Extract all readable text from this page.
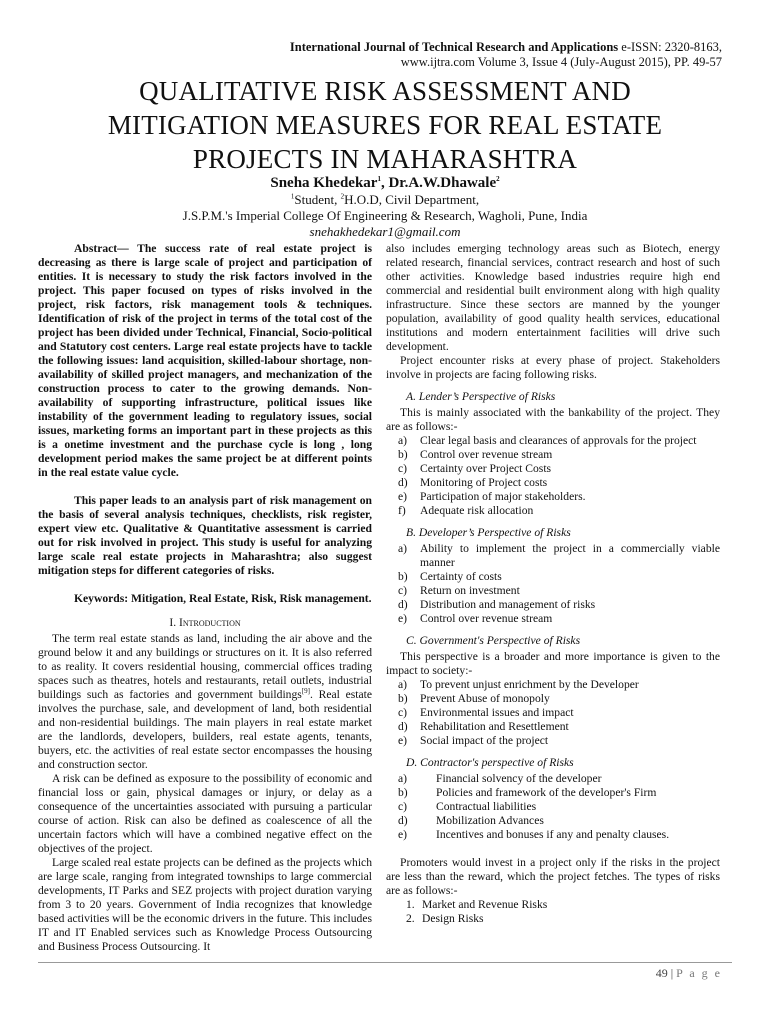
International Journal of Technical Research and Applications e-ISSN: 2320-8163,
www.ijtra.com Volume 3, Issue 4 (July-August 2015), PP. 49-57
QUALITATIVE RISK ASSESSMENT AND
MITIGATION MEASURES FOR REAL ESTATE
PROJECTS IN MAHARASHTRA
Sneha Khedekar$^1$, Dr.A.W.Dhawale$^2$
$^1$Student, $^2$H.O.D, Civil Department,
J.S.P.M.'s Imperial College Of Engineering & Research, Wagholi, Pune, India
snehakhedekar1@gmail.com

Abstract— The success rate of real estate project is decreasing as there is large scale of project and participation of entities. It is necessary to study the risk factors involved in the project. This paper focused on types of risks involved in the project, risk factors, risk management tools & techniques. Identification of risk of the project in terms of the total cost of the project has been divided under Technical, Financial, Socio-political and Statutory cost centers. Large real estate projects have to tackle the following issues: land acquisition, skilled-labour shortage, non-availability of skilled project managers, and mechanization of the construction process to cater to the growing demands. Non- availability of supporting infrastructure, political issues like instability of the government leading to regulatory issues, social issues, marketing forms an important part in these projects as this is a onetime investment and the purchase cycle is long , long development period makes the same project be at different points in the real estate value cycle.

This paper leads to an analysis part of risk management on the basis of several analysis techniques, checklists, risk register, expert view etc. Qualitative & Quantitative assessment is carried out for risk involved in project. This study is useful for analyzing large scale real estate projects in Maharashtra; also suggest mitigation steps for different categories of risks.

Keywords: Mitigation, Real Estate, Risk, Risk management.

I. Introduction

The term real estate stands as land, including the air above and the ground below it and any buildings or structures on it. It is also referred to as reality. It covers residential housing, commercial offices trading spaces such as theatres, hotels and restaurants, retail outlets, industrial buildings such as factories and government buildings[9]. Real estate involves the purchase, sale, and development of land, both residential and non-residential buildings. The main players in real estate market are the landlords, developers, builders, real estate agents, tenants, buyers, etc. the activities of real estate sector encompasses the housing and construction sector.

A risk can be defined as exposure to the possibility of economic and financial loss or gain, physical damages or injury, or delay as a consequence of the uncertainties associated with pursuing a particular course of action. Risk can also be defined as coalescence of all the uncertain factors which will have a combined negative effect on the objectives of the project.

Large scaled real estate projects can be defined as the projects which are large scale, ranging from integrated townships to large commercial developments, IT Parks and SEZ projects with project duration varying from 3 to 20 years. Government of India recognizes that knowledge based activities will be the economic drivers in the future. This includes IT and IT Enabled services such as Knowledge Process Outsourcing and Business Process Outsourcing. It

also includes emerging technology areas such as Biotech, energy related research, financial services, contract research and host of such other activities. Knowledge based industries require high end commercial and residential built environment along with high quality infrastructure. Since these sectors are manned by the younger population, availability of good quality health services, educational institutions and modern entertainment facilities will drive such development.

Project encounter risks at every phase of project. Stakeholders involve in projects are facing following risks.

A. Lender’s Perspective of Risks

This is mainly associated with the bankability of the project. They are as follows:-

a)	Clear legal basis and clearances of approvals for the project
b)	Control over revenue stream
c)	Certainty over Project Costs
d)	Monitoring of Project costs
e)	Participation of major stakeholders.
f)	Adequate risk allocation
B. Developer’s Perspective of Risks
a)	Ability to implement the project in a commercially viable manner
b)	Certainty of costs
c)	Return on investment
d)	Distribution and management of risks
e)	Control over revenue stream
C. Government's Perspective of Risks

This perspective is a broader and more importance is given to the impact to society:-

a)	To prevent unjust enrichment by the Developer
b)	Prevent Abuse of monopoly
c)	Environmental issues and impact
d)	Rehabilitation and Resettlement
e)	Social impact of the project
D. Contractor's perspective of Risks
a)	Financial solvency of the developer
b)	Policies and framework of the developer's Firm
c)	Contractual liabilities
d)	Mobilization Advances
e)	Incentives and bonuses if any and penalty clauses.

Promoters would invest in a project only if the risks in the project are less than the reward, which the project fetches. The types of risks are as follows:-

1. Market and Revenue Risks
2. Design Risks
49 | P a g e
